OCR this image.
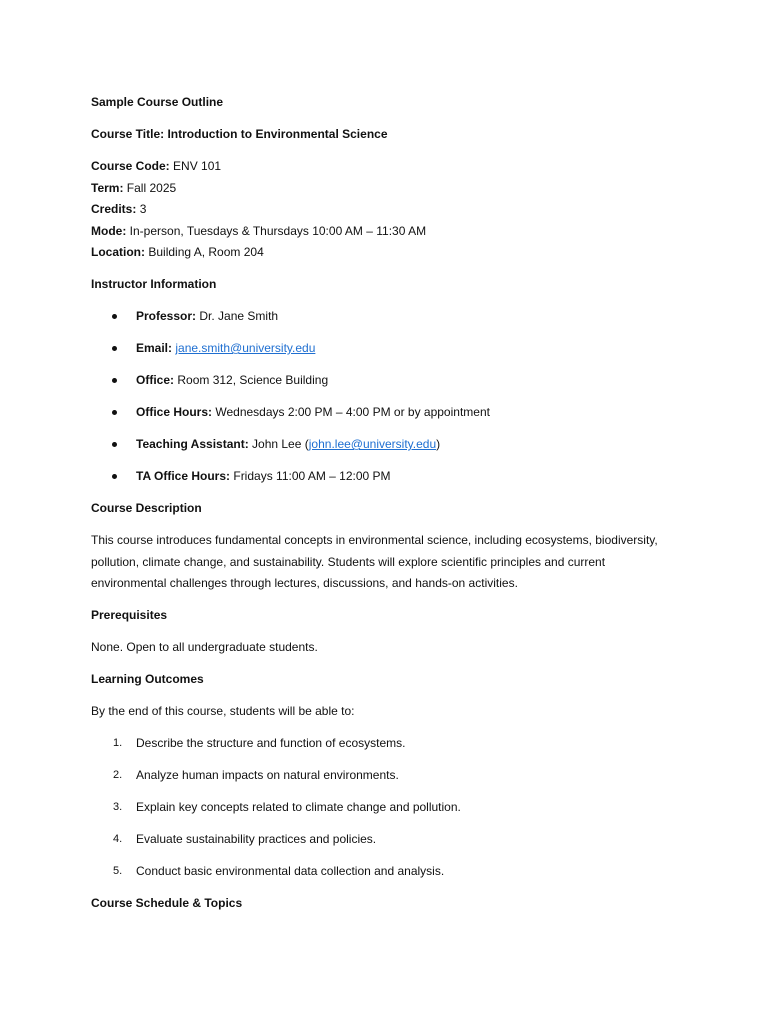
Sample Course Outline

Course Title: Introduction to Environmental Science

Course Code: ENV 101

Term: Fall 2025

Credits: 3

Mode: In-person, Tuesdays & Thursdays 10:00 AM – 11:30 AM

Location: Building A, Room 204

Instructor Information

Professor: Dr. Jane Smith
Email: jane.smith@university.edu
Office: Room 312, Science Building
Office Hours: Wednesdays 2:00 PM – 4:00 PM or by appointment
Teaching Assistant: John Lee (john.lee@university.edu)
TA Office Hours: Fridays 11:00 AM – 12:00 PM

Course Description

This course introduces fundamental concepts in environmental science, including ecosystems, biodiversity,
pollution, climate change, and sustainability. Students will explore scientific principles and current
environmental challenges through lectures, discussions, and hands-on activities.

Prerequisites

None. Open to all undergraduate students.

Learning Outcomes

By the end of this course, students will be able to:

1. Describe the structure and function of ecosystems.
2. Analyze human impacts on natural environments.
3. Explain key concepts related to climate change and pollution.
4. Evaluate sustainability practices and policies.
5. Conduct basic environmental data collection and analysis.

Course Schedule & Topics
